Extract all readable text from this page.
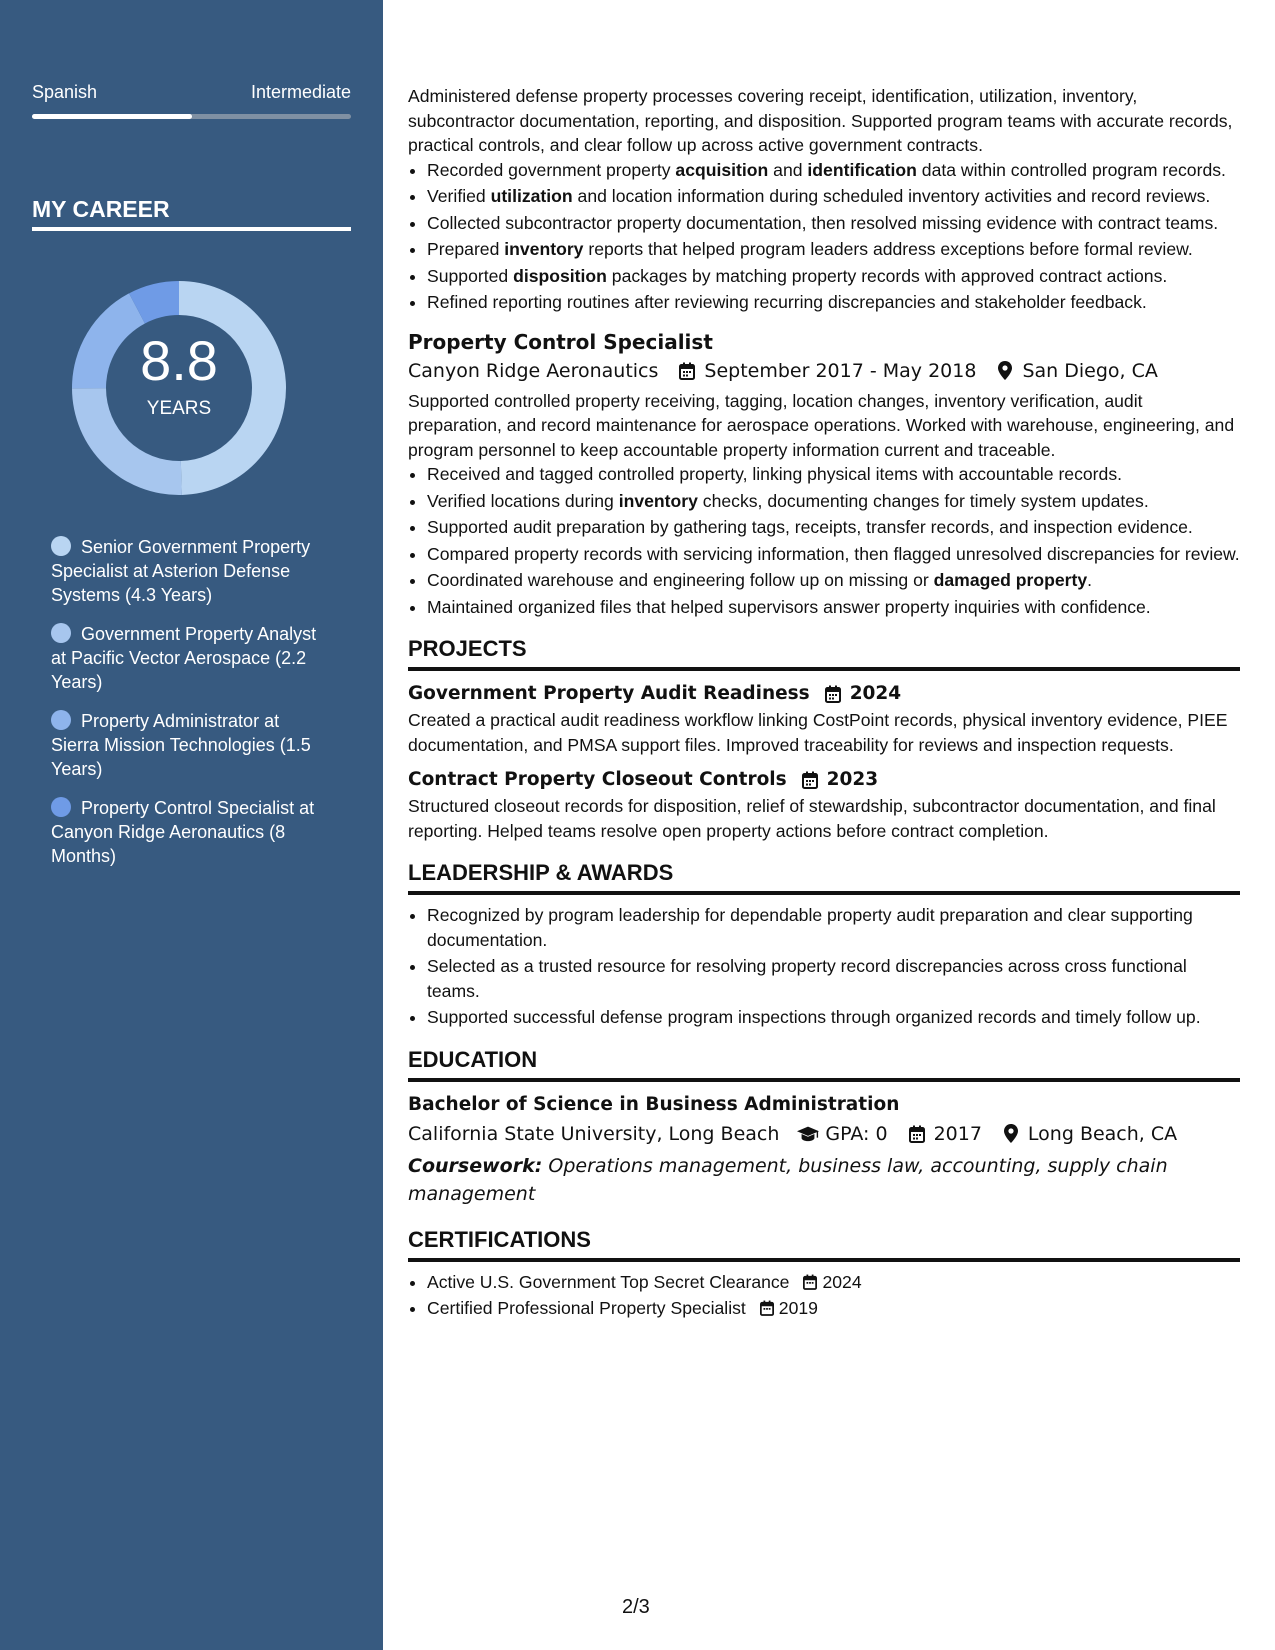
Spanish	Intermediate
MY CAREER
8.8
YEARS
Senior Government Property Specialist at Asterion Defense Systems (4.3 Years)
Government Property Analyst at Pacific Vector Aerospace (2.2 Years)
Property Administrator at Sierra Mission Technologies (1.5 Years)
Property Control Specialist at Canyon Ridge Aeronautics (8 Months)

Administered defense property processes covering receipt, identification, utilization, inventory, subcontractor documentation, reporting, and disposition. Supported program teams with accurate records, practical controls, and clear follow up across active government contracts.

• Recorded government property acquisition and identification data within controlled program records.
• Verified utilization and location information during scheduled inventory activities and record reviews.
• Collected subcontractor property documentation, then resolved missing evidence with contract teams.
• Prepared inventory reports that helped program leaders address exceptions before formal review.
• Supported disposition packages by matching property records with approved contract actions.
• Refined reporting routines after reviewing recurring discrepancies and stakeholder feedback.
Property Control Specialist
Canyon Ridge Aeronautics September 2017 - May 2018 San Diego, CA

Supported controlled property receiving, tagging, location changes, inventory verification, audit preparation, and record maintenance for aerospace operations. Worked with warehouse, engineering, and program personnel to keep accountable property information current and traceable.

• Received and tagged controlled property, linking physical items with accountable records.
• Verified locations during inventory checks, documenting changes for timely system updates.
• Supported audit preparation by gathering tags, receipts, transfer records, and inspection evidence.
• Compared property records with servicing information, then flagged unresolved discrepancies for review.
• Coordinated warehouse and engineering follow up on missing or damaged property.
• Maintained organized files that helped supervisors answer property inquiries with confidence.
PROJECTS
Government Property Audit Readiness 2024

Created a practical audit readiness workflow linking CostPoint records, physical inventory evidence, PIEE documentation, and PMSA support files. Improved traceability for reviews and inspection requests.

Contract Property Closeout Controls 2023

Structured closeout records for disposition, relief of stewardship, subcontractor documentation, and final reporting. Helped teams resolve open property actions before contract completion.

LEADERSHIP & AWARDS
• Recognized by program leadership for dependable property audit preparation and clear supporting documentation.
• Selected as a trusted resource for resolving property record discrepancies across cross functional teams.
• Supported successful defense program inspections through organized records and timely follow up.
EDUCATION
Bachelor of Science in Business Administration
California State University, Long Beach GPA: 0 2017 Long Beach, CA
Coursework: Operations management, business law, accounting, supply chain management
CERTIFICATIONS
• Active U.S. Government Top Secret Clearance 2024
• Certified Professional Property Specialist 2019
2/3
